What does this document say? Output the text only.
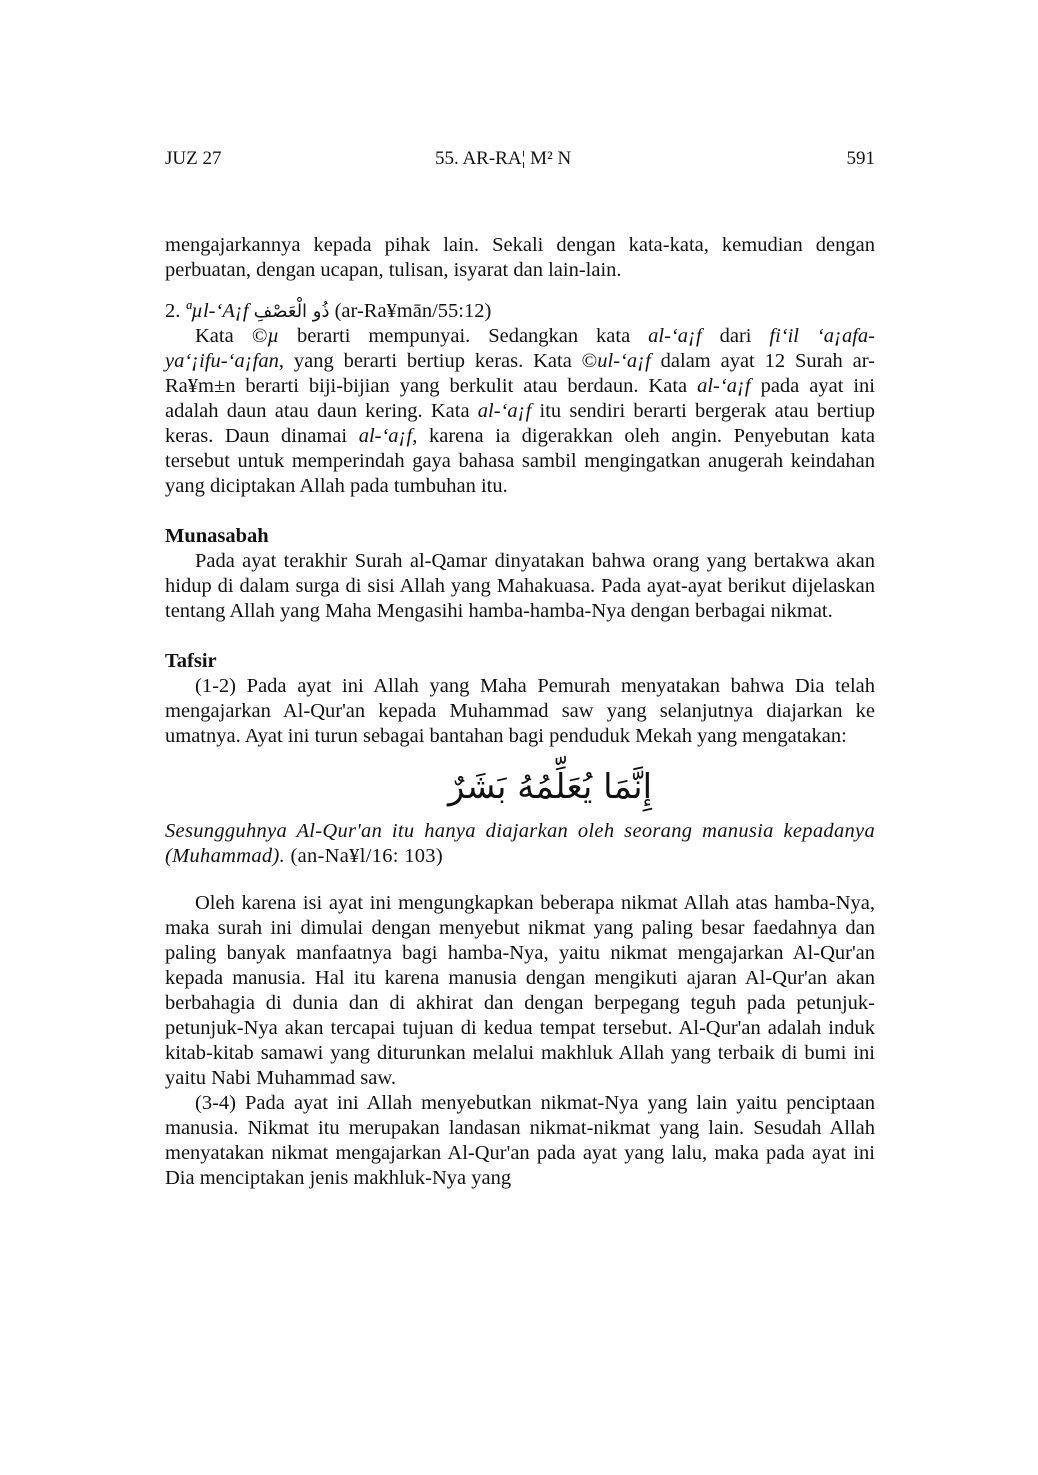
JUZ 27	55. AR-RA¦ M² N	591

mengajarkannya kepada pihak lain. Sekali dengan kata-kata, kemudian dengan perbuatan, dengan ucapan, tulisan, isyarat dan lain-lain.

2. ªµl-‘A¡f ذُو الْعَصْفِ (ar-Ra¥mān/55:12)

Kata ©µ berarti mempunyai. Sedangkan kata al-‘a¡f dari fi‘il ‘a¡afa-ya‘¡ifu-‘a¡fan, yang berarti bertiup keras. Kata ©ul-‘a¡f dalam ayat 12 Surah ar-Ra¥m±n berarti biji-bijian yang berkulit atau berdaun. Kata al-‘a¡f pada ayat ini adalah daun atau daun kering. Kata al-‘a¡f itu sendiri berarti bergerak atau bertiup keras. Daun dinamai al-‘a¡f, karena ia digerakkan oleh angin. Penyebutan kata tersebut untuk memperindah gaya bahasa sambil mengingatkan anugerah keindahan yang diciptakan Allah pada tumbuhan itu.

Munasabah

Pada ayat terakhir Surah al-Qamar dinyatakan bahwa orang yang bertakwa akan hidup di dalam surga di sisi Allah yang Mahakuasa. Pada ayat-ayat berikut dijelaskan tentang Allah yang Maha Mengasihi hamba-hamba-Nya dengan berbagai nikmat.

Tafsir

(1-2) Pada ayat ini Allah yang Maha Pemurah menyatakan bahwa Dia telah mengajarkan Al-Qur'an kepada Muhammad saw yang selanjutnya diajarkan ke umatnya. Ayat ini turun sebagai bantahan bagi penduduk Mekah yang mengatakan:

إِنَّمَا يُعَلِّمُهُ بَشَرٌ

Sesungguhnya Al-Qur'an itu hanya diajarkan oleh seorang manusia kepadanya (Muhammad). (an-Na¥l/16: 103)

Oleh karena isi ayat ini mengungkapkan beberapa nikmat Allah atas hamba-Nya, maka surah ini dimulai dengan menyebut nikmat yang paling besar faedahnya dan paling banyak manfaatnya bagi hamba-Nya, yaitu nikmat mengajarkan Al-Qur'an kepada manusia. Hal itu karena manusia dengan mengikuti ajaran Al-Qur'an akan berbahagia di dunia dan di akhirat dan dengan berpegang teguh pada petunjuk-petunjuk-Nya akan tercapai tujuan di kedua tempat tersebut. Al-Qur'an adalah induk kitab-kitab samawi yang diturunkan melalui makhluk Allah yang terbaik di bumi ini yaitu Nabi Muhammad saw.

(3-4) Pada ayat ini Allah menyebutkan nikmat-Nya yang lain yaitu penciptaan manusia. Nikmat itu merupakan landasan nikmat-nikmat yang lain. Sesudah Allah menyatakan nikmat mengajarkan Al-Qur'an pada ayat yang lalu, maka pada ayat ini Dia menciptakan jenis makhluk-Nya yang
